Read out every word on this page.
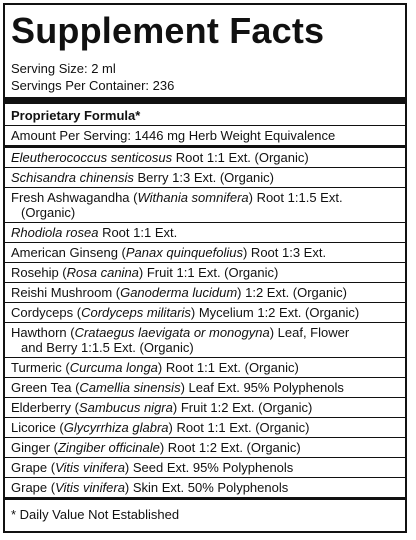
Supplement Facts
Serving Size: 2 ml
Servings Per Container: 236
Proprietary Formula*
Amount Per Serving: 1446 mg Herb Weight Equivalence
Eleutherococcus senticosus Root 1:1 Ext. (Organic)
Schisandra chinensis Berry 1:3 Ext. (Organic)
Fresh Ashwagandha (Withania somnifera) Root 1:1.5 Ext.
(Organic)
Rhodiola rosea Root 1:1 Ext.
American Ginseng (Panax quinquefolius) Root 1:3 Ext.
Rosehip (Rosa canina) Fruit 1:1 Ext. (Organic)
Reishi Mushroom (Ganoderma lucidum) 1:2 Ext. (Organic)
Cordyceps (Cordyceps militaris) Mycelium 1:2 Ext. (Organic)
Hawthorn (Crataegus laevigata or monogyna) Leaf, Flower
and Berry 1:1.5 Ext. (Organic)
Turmeric (Curcuma longa) Root 1:1 Ext. (Organic)
Green Tea (Camellia sinensis) Leaf Ext. 95% Polyphenols
Elderberry (Sambucus nigra) Fruit 1:2 Ext. (Organic)
Licorice (Glycyrrhiza glabra) Root 1:1 Ext. (Organic)
Ginger (Zingiber officinale) Root 1:2 Ext. (Organic)
Grape (Vitis vinifera) Seed Ext. 95% Polyphenols
Grape (Vitis vinifera) Skin Ext. 50% Polyphenols
* Daily Value Not Established
